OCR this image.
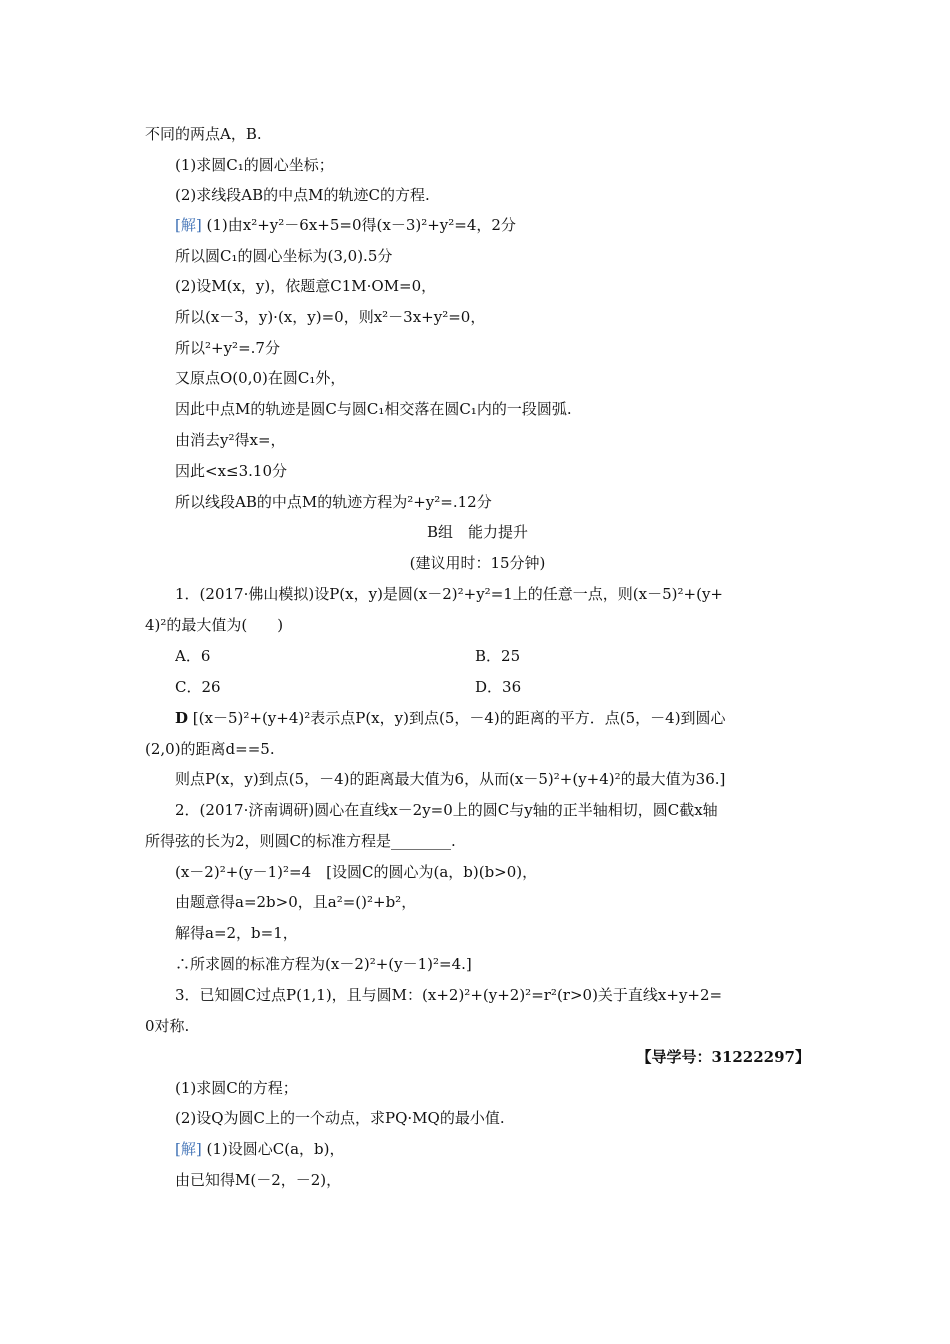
不同的两点A，B.
(1)求圆C₁的圆心坐标；
(2)求线段AB的中点M的轨迹C的方程.
[解] (1)由x²+y²－6x+5=0得(x－3)²+y²=4，2分
所以圆C₁的圆心坐标为(3,0).5分
(2)设M(x，y)，依题意C1M·OM=0，
所以(x－3，y)·(x，y)=0，则x²－3x+y²=0，
所以²+y²=.7分
又原点O(0,0)在圆C₁外，
因此中点M的轨迹是圆C与圆C₁相交落在圆C₁内的一段圆弧.
由消去y²得x=，
因此<x≤3.10分
所以线段AB的中点M的轨迹方程为²+y²=.12分
B组　能力提升
(建议用时：15分钟)
1．(2017·佛山模拟)设P(x，y)是圆(x－2)²+y²=1上的任意一点，则(x－5)²+(y+
4)²的最大值为(　　)
A．6	B．25
C．26	D．36
D [(x－5)²+(y+4)²表示点P(x，y)到点(5，－4)的距离的平方．点(5，－4)到圆心
(2,0)的距离d==5.
则点P(x，y)到点(5，－4)的距离最大值为6，从而(x－5)²+(y+4)²的最大值为36.]
2．(2017·济南调研)圆心在直线x－2y=0上的圆C与y轴的正半轴相切，圆C截x轴
所得弦的长为2，则圆C的标准方程是________.
(x－2)²+(y－1)²=4　[设圆C的圆心为(a，b)(b>0)，
由题意得a=2b>0，且a²=()²+b²，
解得a=2，b=1，
∴所求圆的标准方程为(x－2)²+(y－1)²=4.]
3．已知圆C过点P(1,1)，且与圆M：(x+2)²+(y+2)²=r²(r>0)关于直线x+y+2=
0对称.
【导学号：31222297】
(1)求圆C的方程；
(2)设Q为圆C上的一个动点，求PQ·MQ的最小值.
[解] (1)设圆心C(a，b)，
由已知得M(－2，－2)，
